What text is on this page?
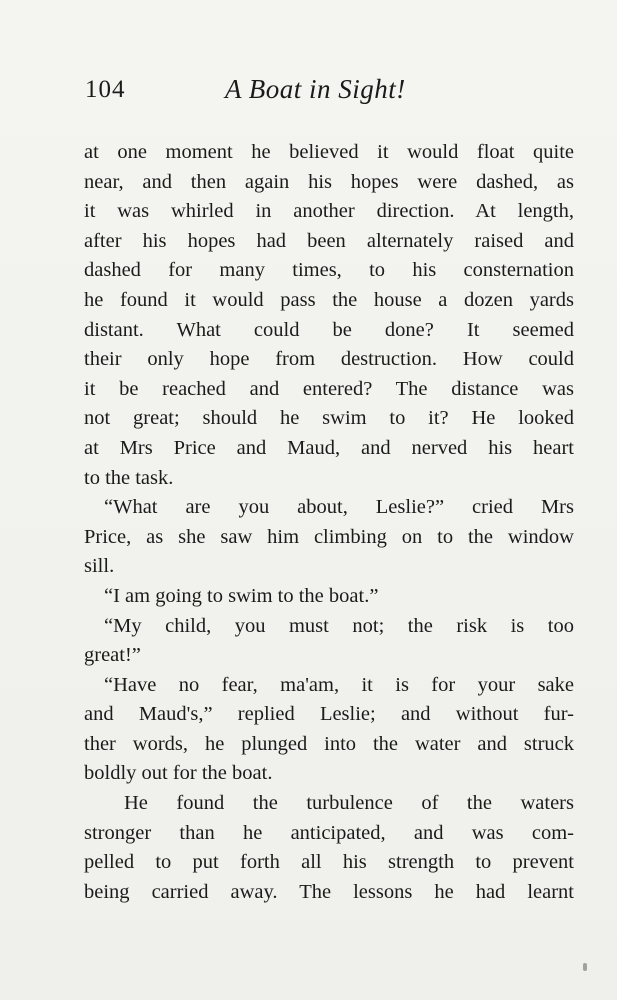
104	A Boat in Sight!
at one moment he believed it would float quite
near, and then again his hopes were dashed, as
it was whirled in another direction. At length,
after his hopes had been alternately raised and
dashed for many times, to his consternation
he found it would pass the house a dozen yards
distant. What could be done? It seemed
their only hope from destruction. How could
it be reached and entered? The distance was
not great; should he swim to it? He looked
at Mrs Price and Maud, and nerved his heart
to the task.
“What are you about, Leslie?” cried Mrs
Price, as she saw him climbing on to the window
sill.
“I am going to swim to the boat.”
“My child, you must not; the risk is too
great!”
“Have no fear, ma'am, it is for your sake
and Maud's,” replied Leslie; and without fur-
ther words, he plunged into the water and struck
boldly out for the boat.
He found the turbulence of the waters
stronger than he anticipated, and was com-
pelled to put forth all his strength to prevent
being carried away. The lessons he had learnt
